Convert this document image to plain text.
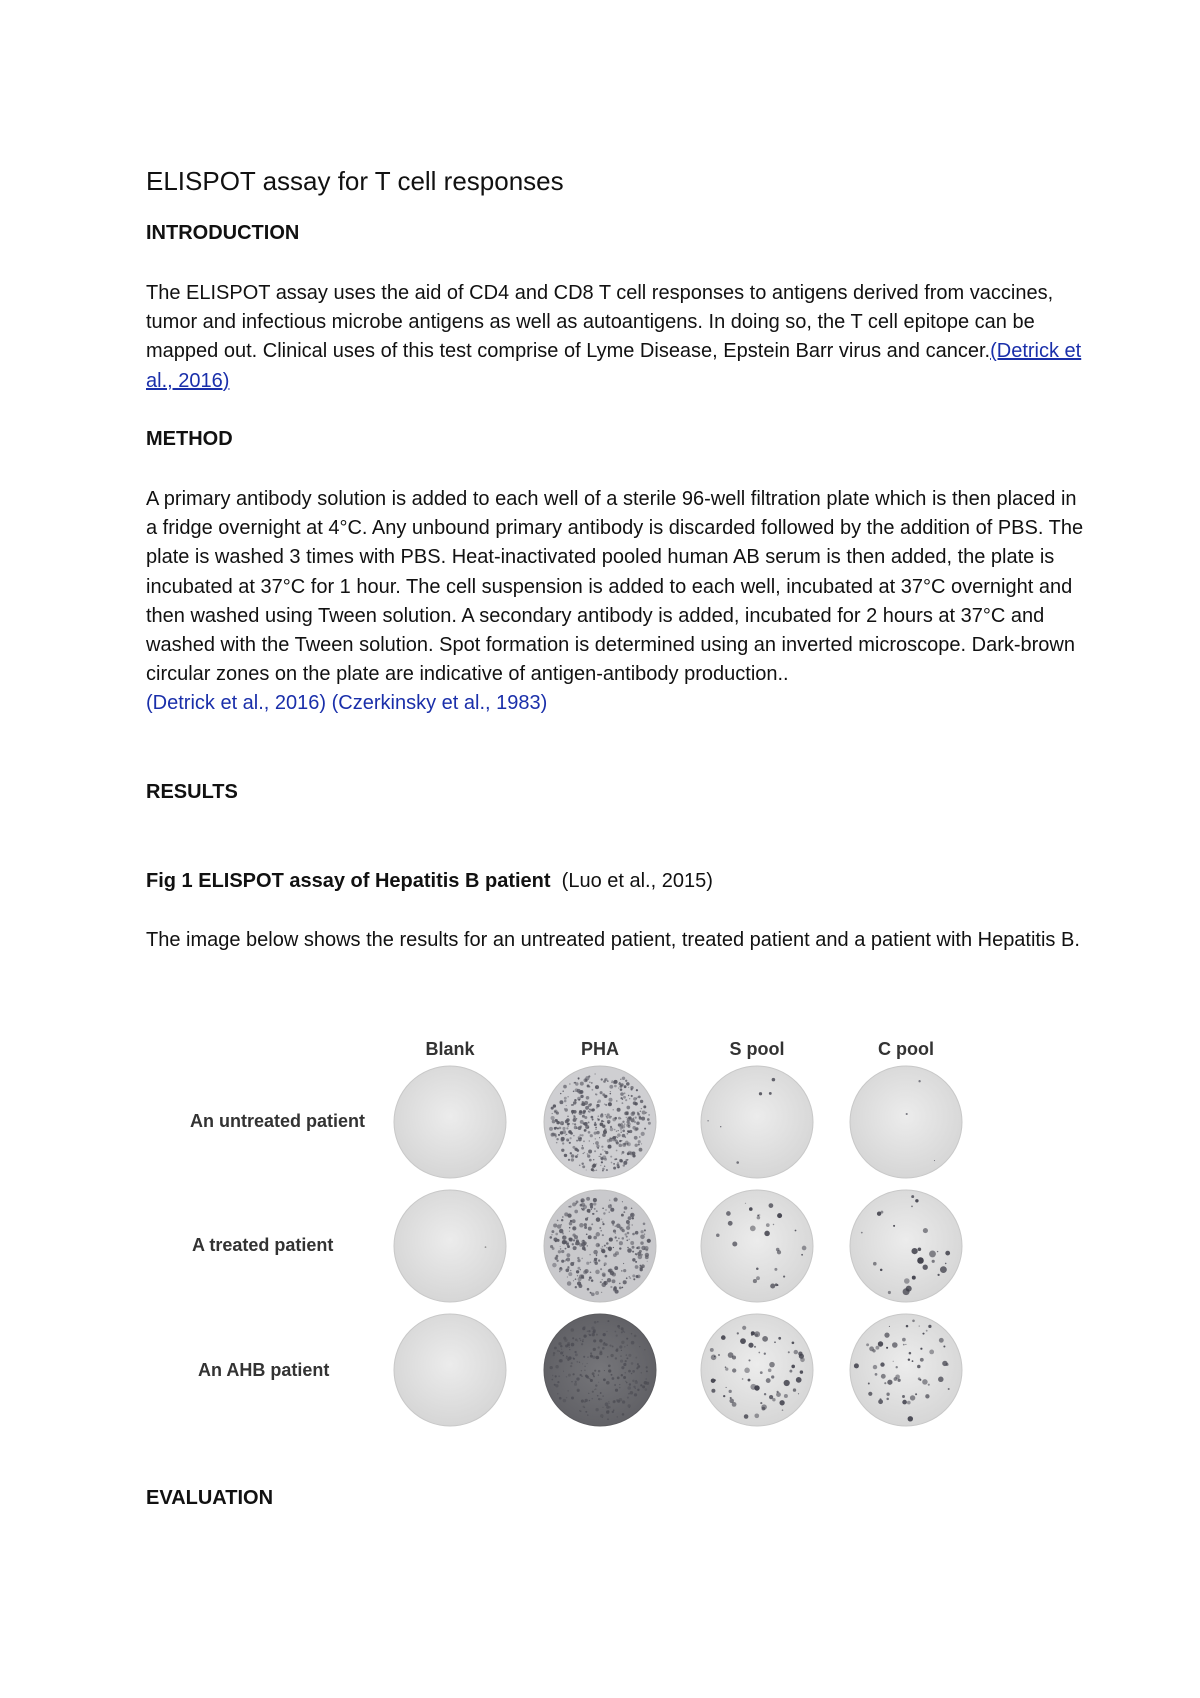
ELISPOT assay for T cell responses
INTRODUCTION

The ELISPOT assay uses the aid of CD4 and CD8 T cell responses to antigens derived from vaccines, tumor and infectious microbe antigens as well as autoantigens. In doing so, the T cell epitope can be mapped out. Clinical uses of this test comprise of Lyme Disease, Epstein Barr virus and cancer.(Detrick et al., 2016)

METHOD

A primary antibody solution is added to each well of a sterile 96-well filtration plate which is then placed in a fridge overnight at 4°C. Any unbound primary antibody is discarded followed by the addition of PBS. The plate is washed 3 times with PBS. Heat-inactivated pooled human AB serum is then added, the plate is incubated at 37°C for 1 hour. The cell suspension is added to each well, incubated at 37°C overnight and then washed using Tween solution. A secondary antibody is added, incubated for 2 hours at 37°C and washed with the Tween solution. Spot formation is determined using an inverted microscope. Dark-brown circular zones on the plate are indicative of antigen-antibody production..
(Detrick et al., 2016) (Czerkinsky et al., 1983)

RESULTS

Fig 1 ELISPOT assay of Hepatitis B patient (Luo et al., 2015)

The image below shows the results for an untreated patient, treated patient and a patient with Hepatitis B.

Blank	PHA	S pool	C pool
An untreated patient
A treated patient
An AHB patient
EVALUATION
